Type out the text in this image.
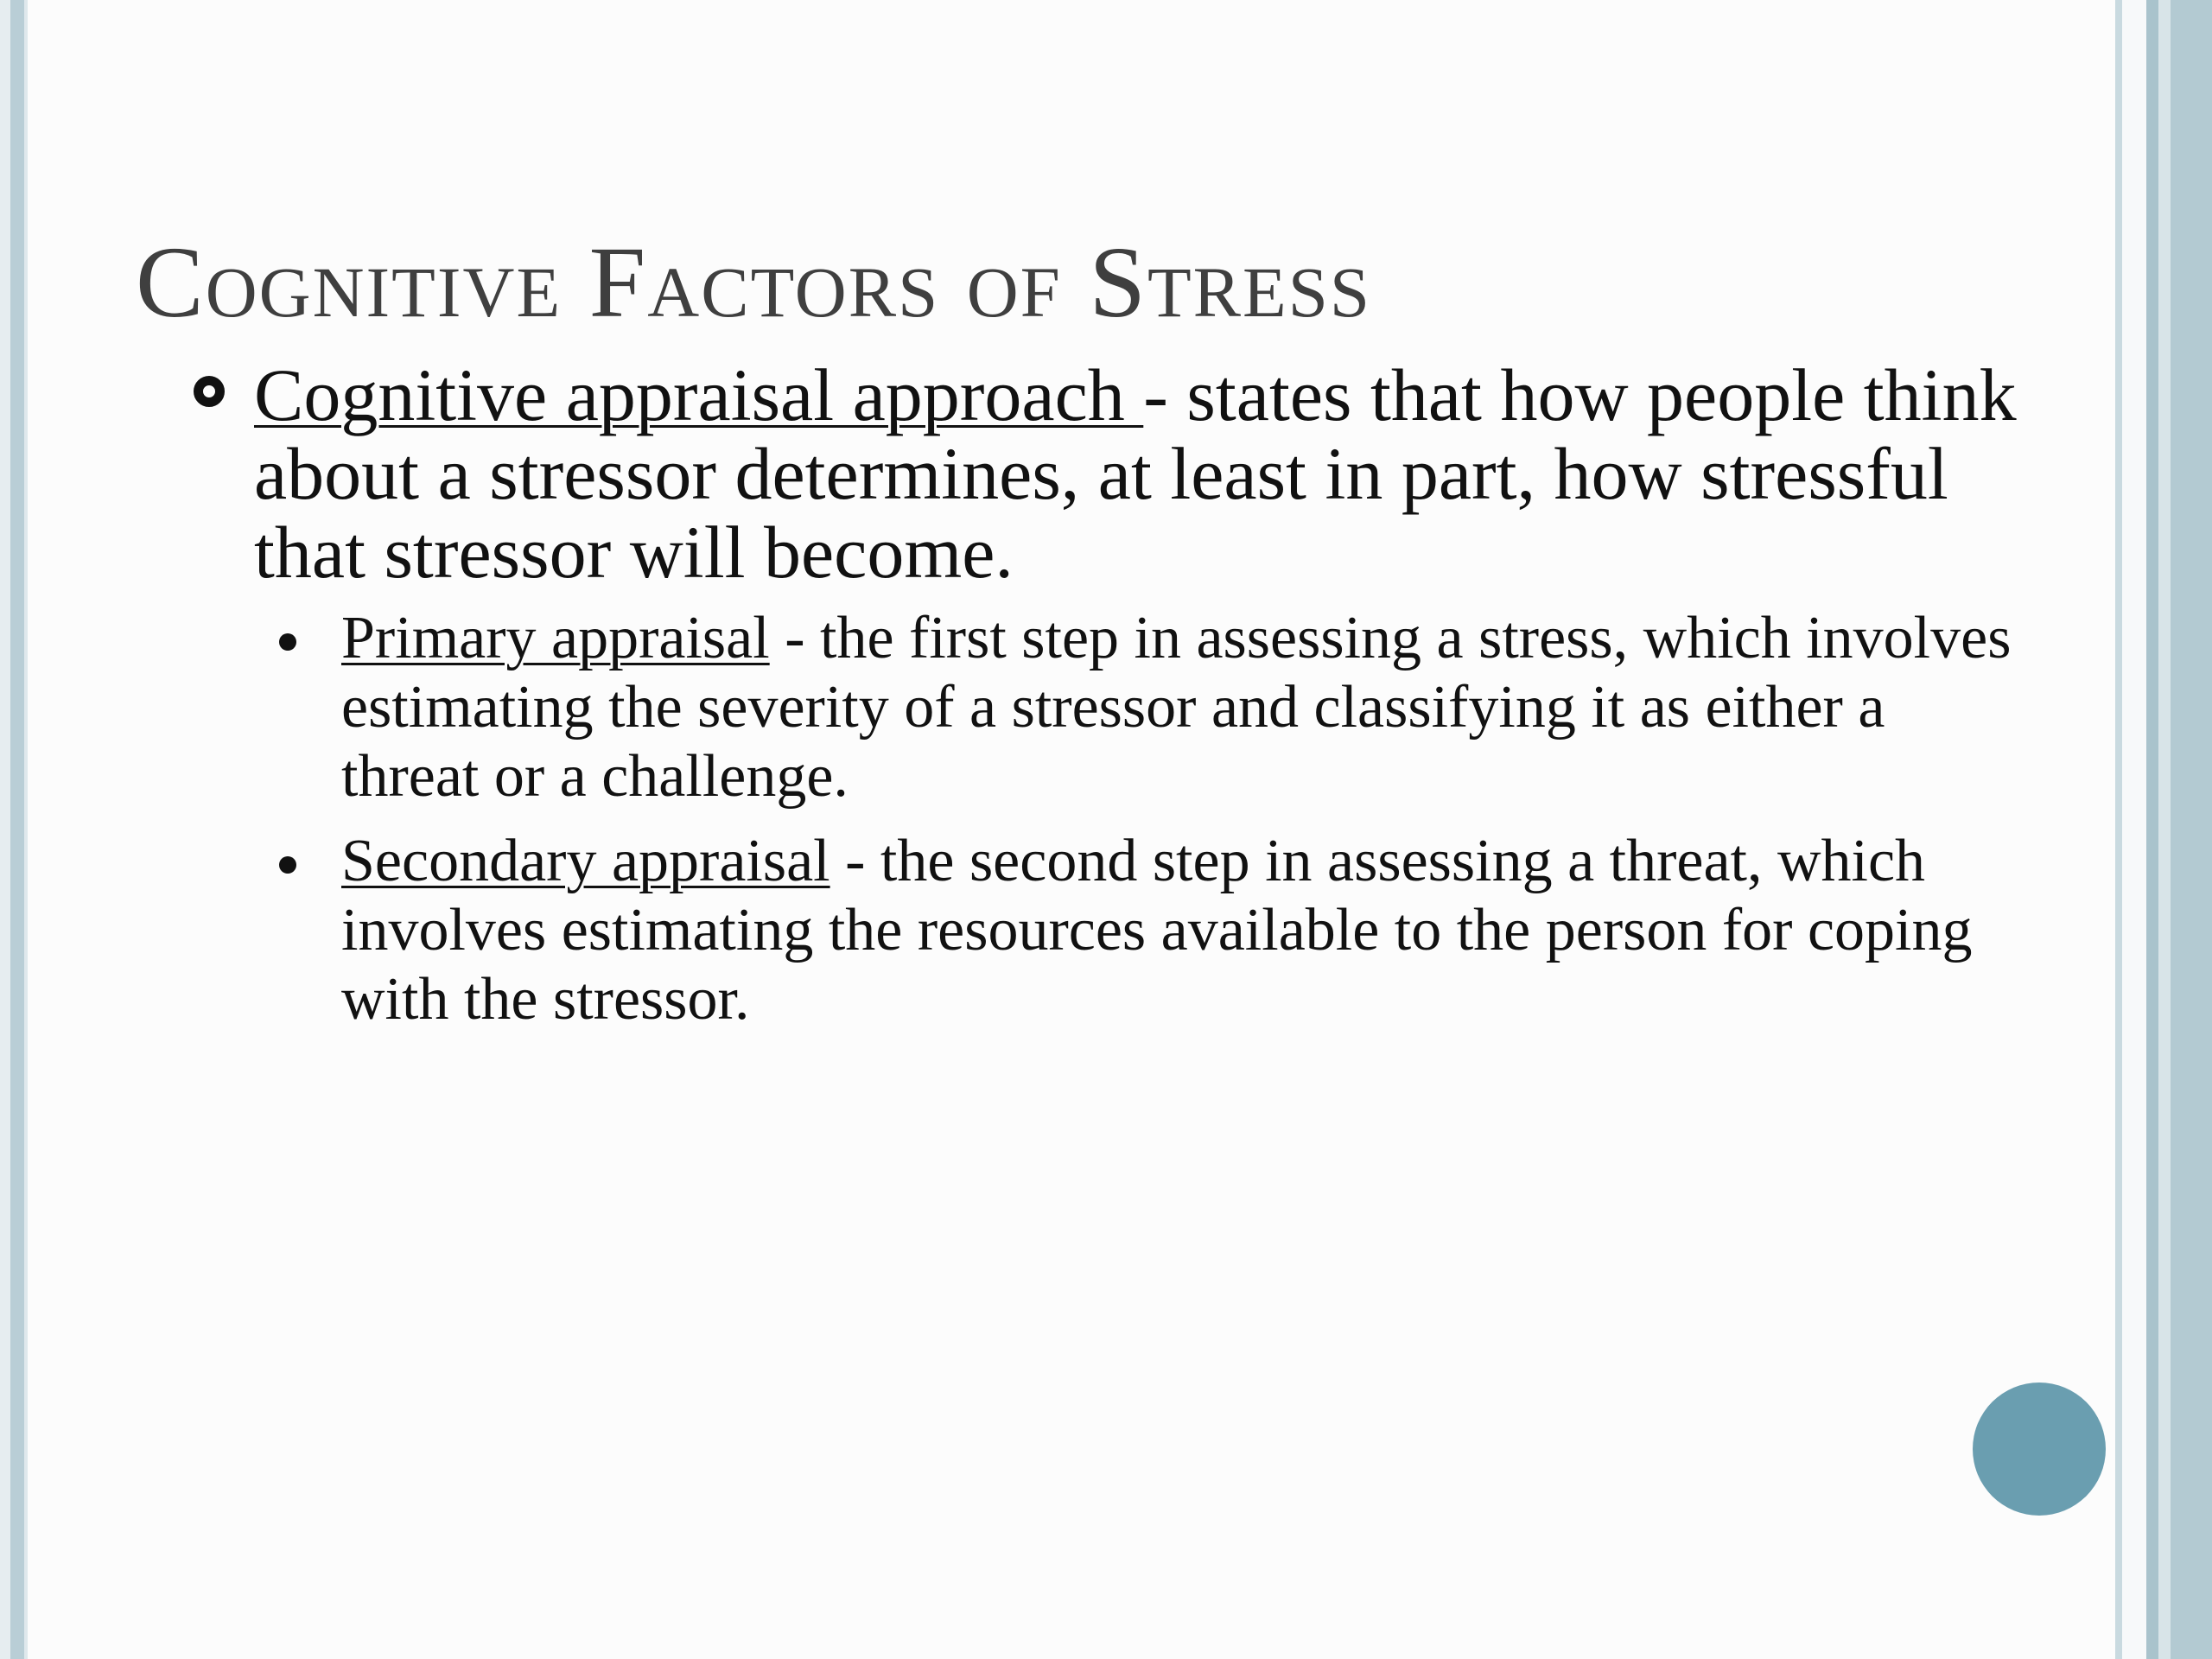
Cognitive Factors of Stress
Cognitive appraisal approach - states that how people think about a stressor determines, at least in part, how stressful that stressor will become.
Primary appraisal - the first step in assessing a stress, which involves estimating the severity of a stressor and classifying it as either a threat or a challenge.
Secondary appraisal - the second step in assessing a threat, which involves estimating the resources available to the person for coping with the stressor.
